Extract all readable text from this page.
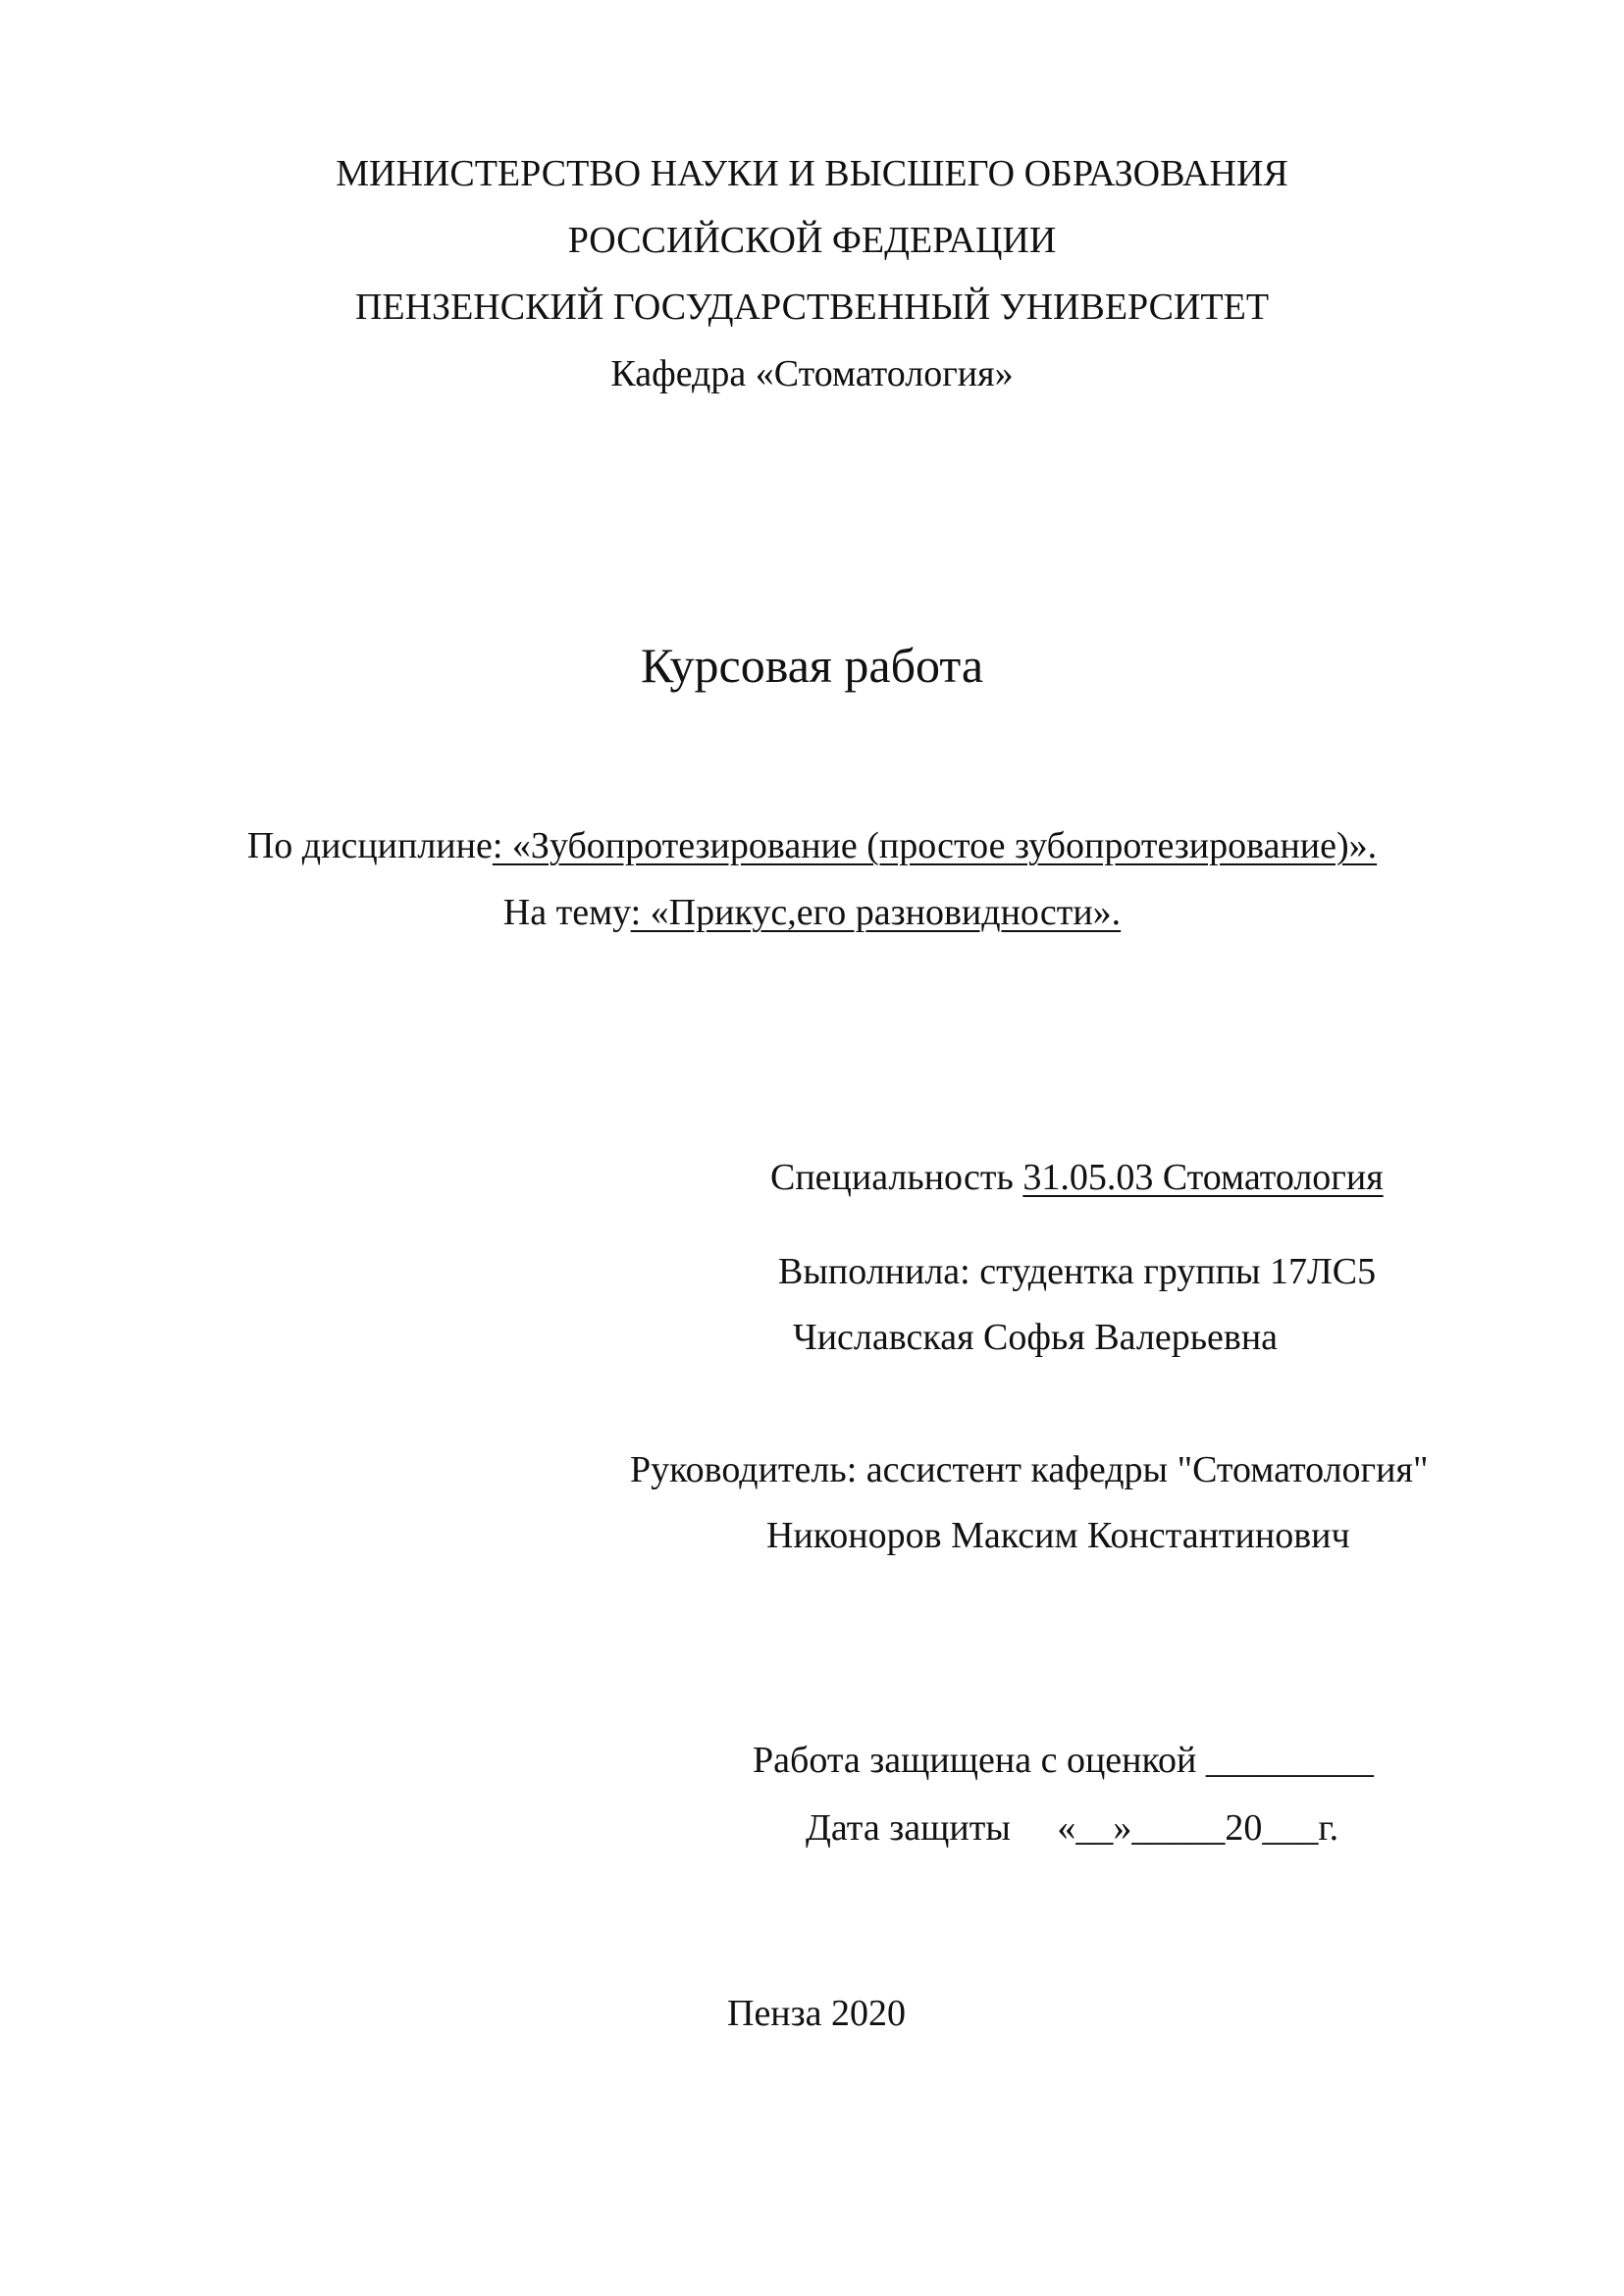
МИНИСТЕРСТВО НАУКИ И ВЫСШЕГО ОБРАЗОВАНИЯ
РОССИЙСКОЙ ФЕДЕРАЦИИ
ПЕНЗЕНСКИЙ ГОСУДАРСТВЕННЫЙ УНИВЕРСИТЕТ
Кафедра «Стоматология»
Курсовая работа
По дисциплине: «Зубопротезирование (простое зубопротезирование)».
На тему: «Прикус,его разновидности».
Специальность 31.05.03 Стоматология
Выполнила: студентка группы 17ЛС5
Числавская Софья Валерьевна
Руководитель: ассистент кафедры "Стоматология"
Никоноров Максим Константинович
Работа защищена с оценкой _________
Дата защиты     «__»_____20___г.
Пенза 2020
